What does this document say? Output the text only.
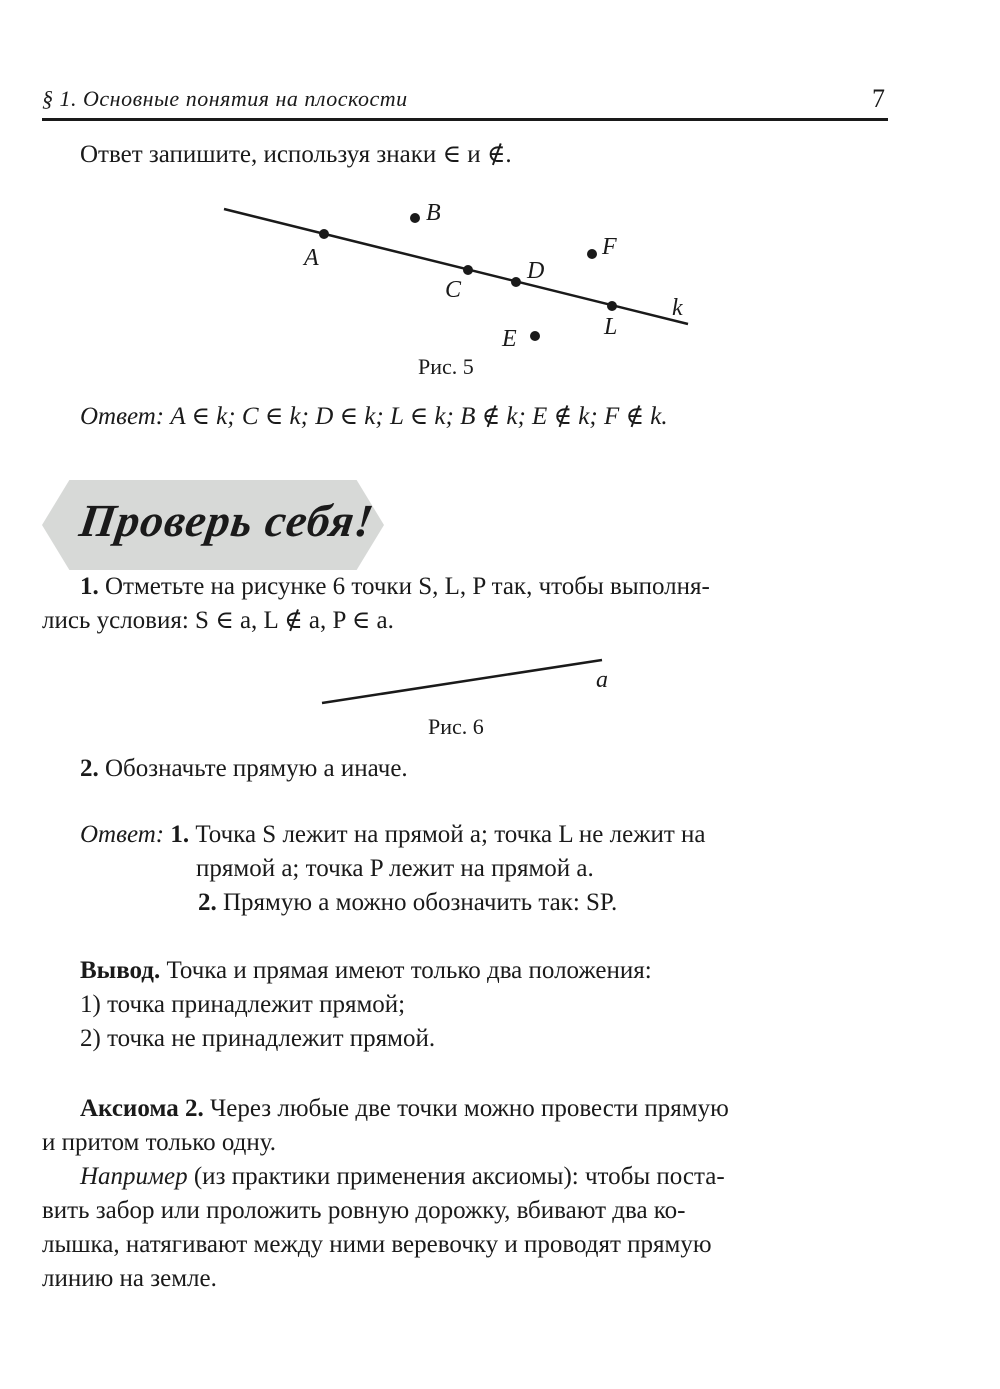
§ 1. Основные понятия на плоскости	7
Ответ запишите, используя знаки ∈ и ∉.
A
B
C
D
F
E	L
k
a
Рис. 5
Ответ: A ∈ k; C ∈ k; D ∈ k; L ∈ k; B ∉ k; E ∉ k; F ∉ k.
Проверь себя!
1. Отметьте на рисунке 6 точки S, L, P так, чтобы выполня-
лись условия: S ∈ a, L ∉ a, P ∈ a.
Рис. 6
2. Обозначьте прямую a иначе.
Ответ: 1. Точка S лежит на прямой a; точка L не лежит на
прямой a; точка P лежит на прямой a.
2. Прямую a можно обозначить так: SP.
Вывод. Точка и прямая имеют только два положения:
1) точка принадлежит прямой;
2) точка не принадлежит прямой.
Аксиома 2. Через любые две точки можно провести прямую
и притом только одну.
Например (из практики применения аксиомы): чтобы поста-
вить забор или проложить ровную дорожку, вбивают два ко-
лышка, натягивают между ними веревочку и проводят прямую
линию на земле.
